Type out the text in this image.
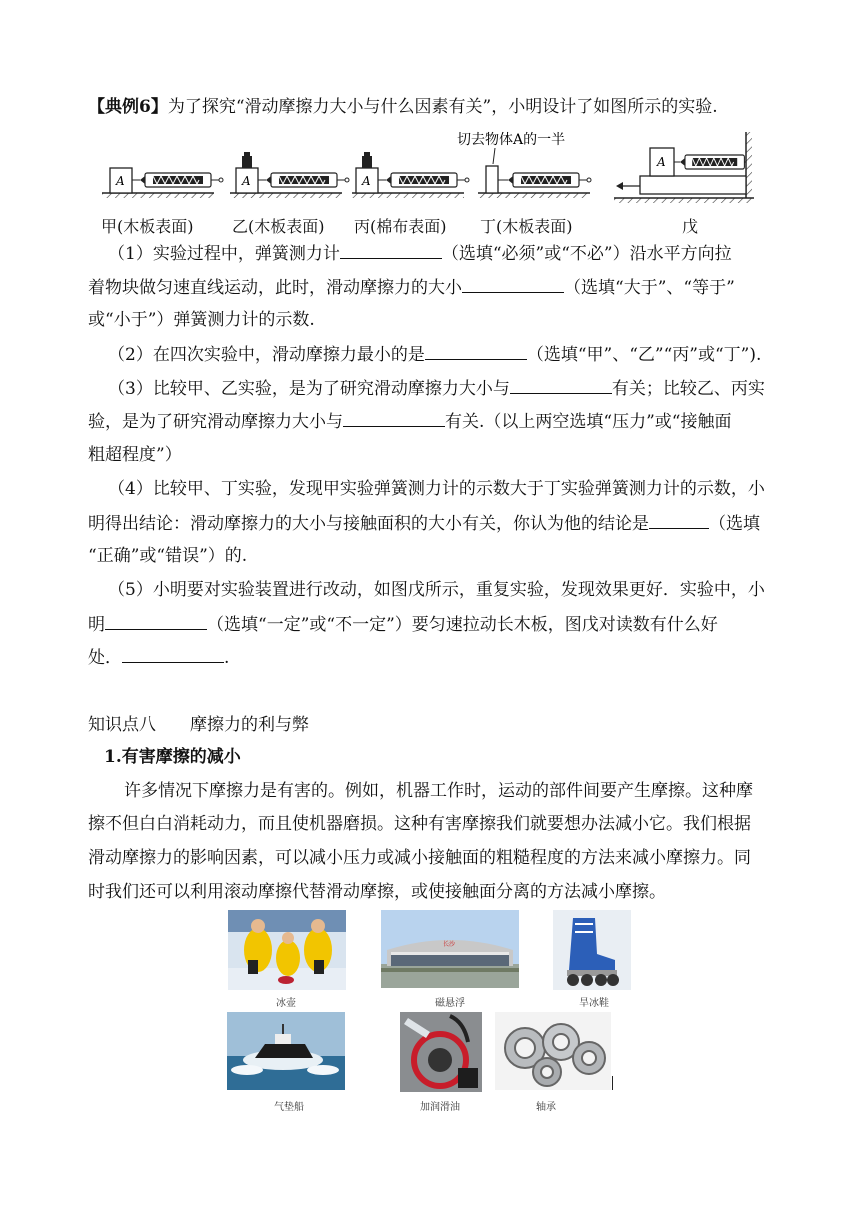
【典例6】为了探究“滑动摩擦力大小与什么因素有关”，小明设计了如图所示的实验.
A	A	A
切去物体A的一半
A
甲(木板表面) 乙(木板表面) 丙(棉布表面) 丁(木板表面)	戊
（1）实验过程中，弹簧测力计	（选填“必须”或“不必”）沿水平方向拉
着物块做匀速直线运动，此时，滑动摩擦力的大小	（选填“大于”、“等于”
或“小于”）弹簧测力计的示数.
（2）在四次实验中，滑动摩擦力最小的是	（选填“甲”、“乙”“丙”或“丁”).
（3）比较甲、乙实验，是为了研究滑动摩擦力大小与	有关；比较乙、丙实
验，是为了研究滑动摩擦力大小与	有关.（以上两空选填“压力”或“接触面
粗超程度”）
（4）比较甲、丁实验，发现甲实验弹簧测力计的示数大于丁实验弹簧测力计的示数，小
明得出结论：滑动摩擦力的大小与接触面积的大小有关，你认为他的结论是	（选填
“正确”或“错误”）的.
（5）小明要对实验装置进行改动，如图戊所示，重复实验，发现效果更好．实验中，小
明	（选填“一定”或“不一定”）要匀速拉动长木板，图戊对读数有什么好
处．	.
知识点八　　摩擦力的利与弊
1.有害摩擦的减小
许多情况下摩擦力是有害的。例如，机器工作时，运动的部件间要产生摩擦。这种摩
擦不但白白消耗动力，而且使机器磨损。这种有害摩擦我们就要想办法减小它。我们根据
滑动摩擦力的影响因素，可以减小压力或减小接触面的粗糙程度的方法来减小摩擦力。同
时我们还可以利用滚动摩擦代替滑动摩擦，或使接触面分离的方法减小摩擦。
冰壶
长沙
磁悬浮	旱冰鞋
气垫船	加润滑油	轴承
